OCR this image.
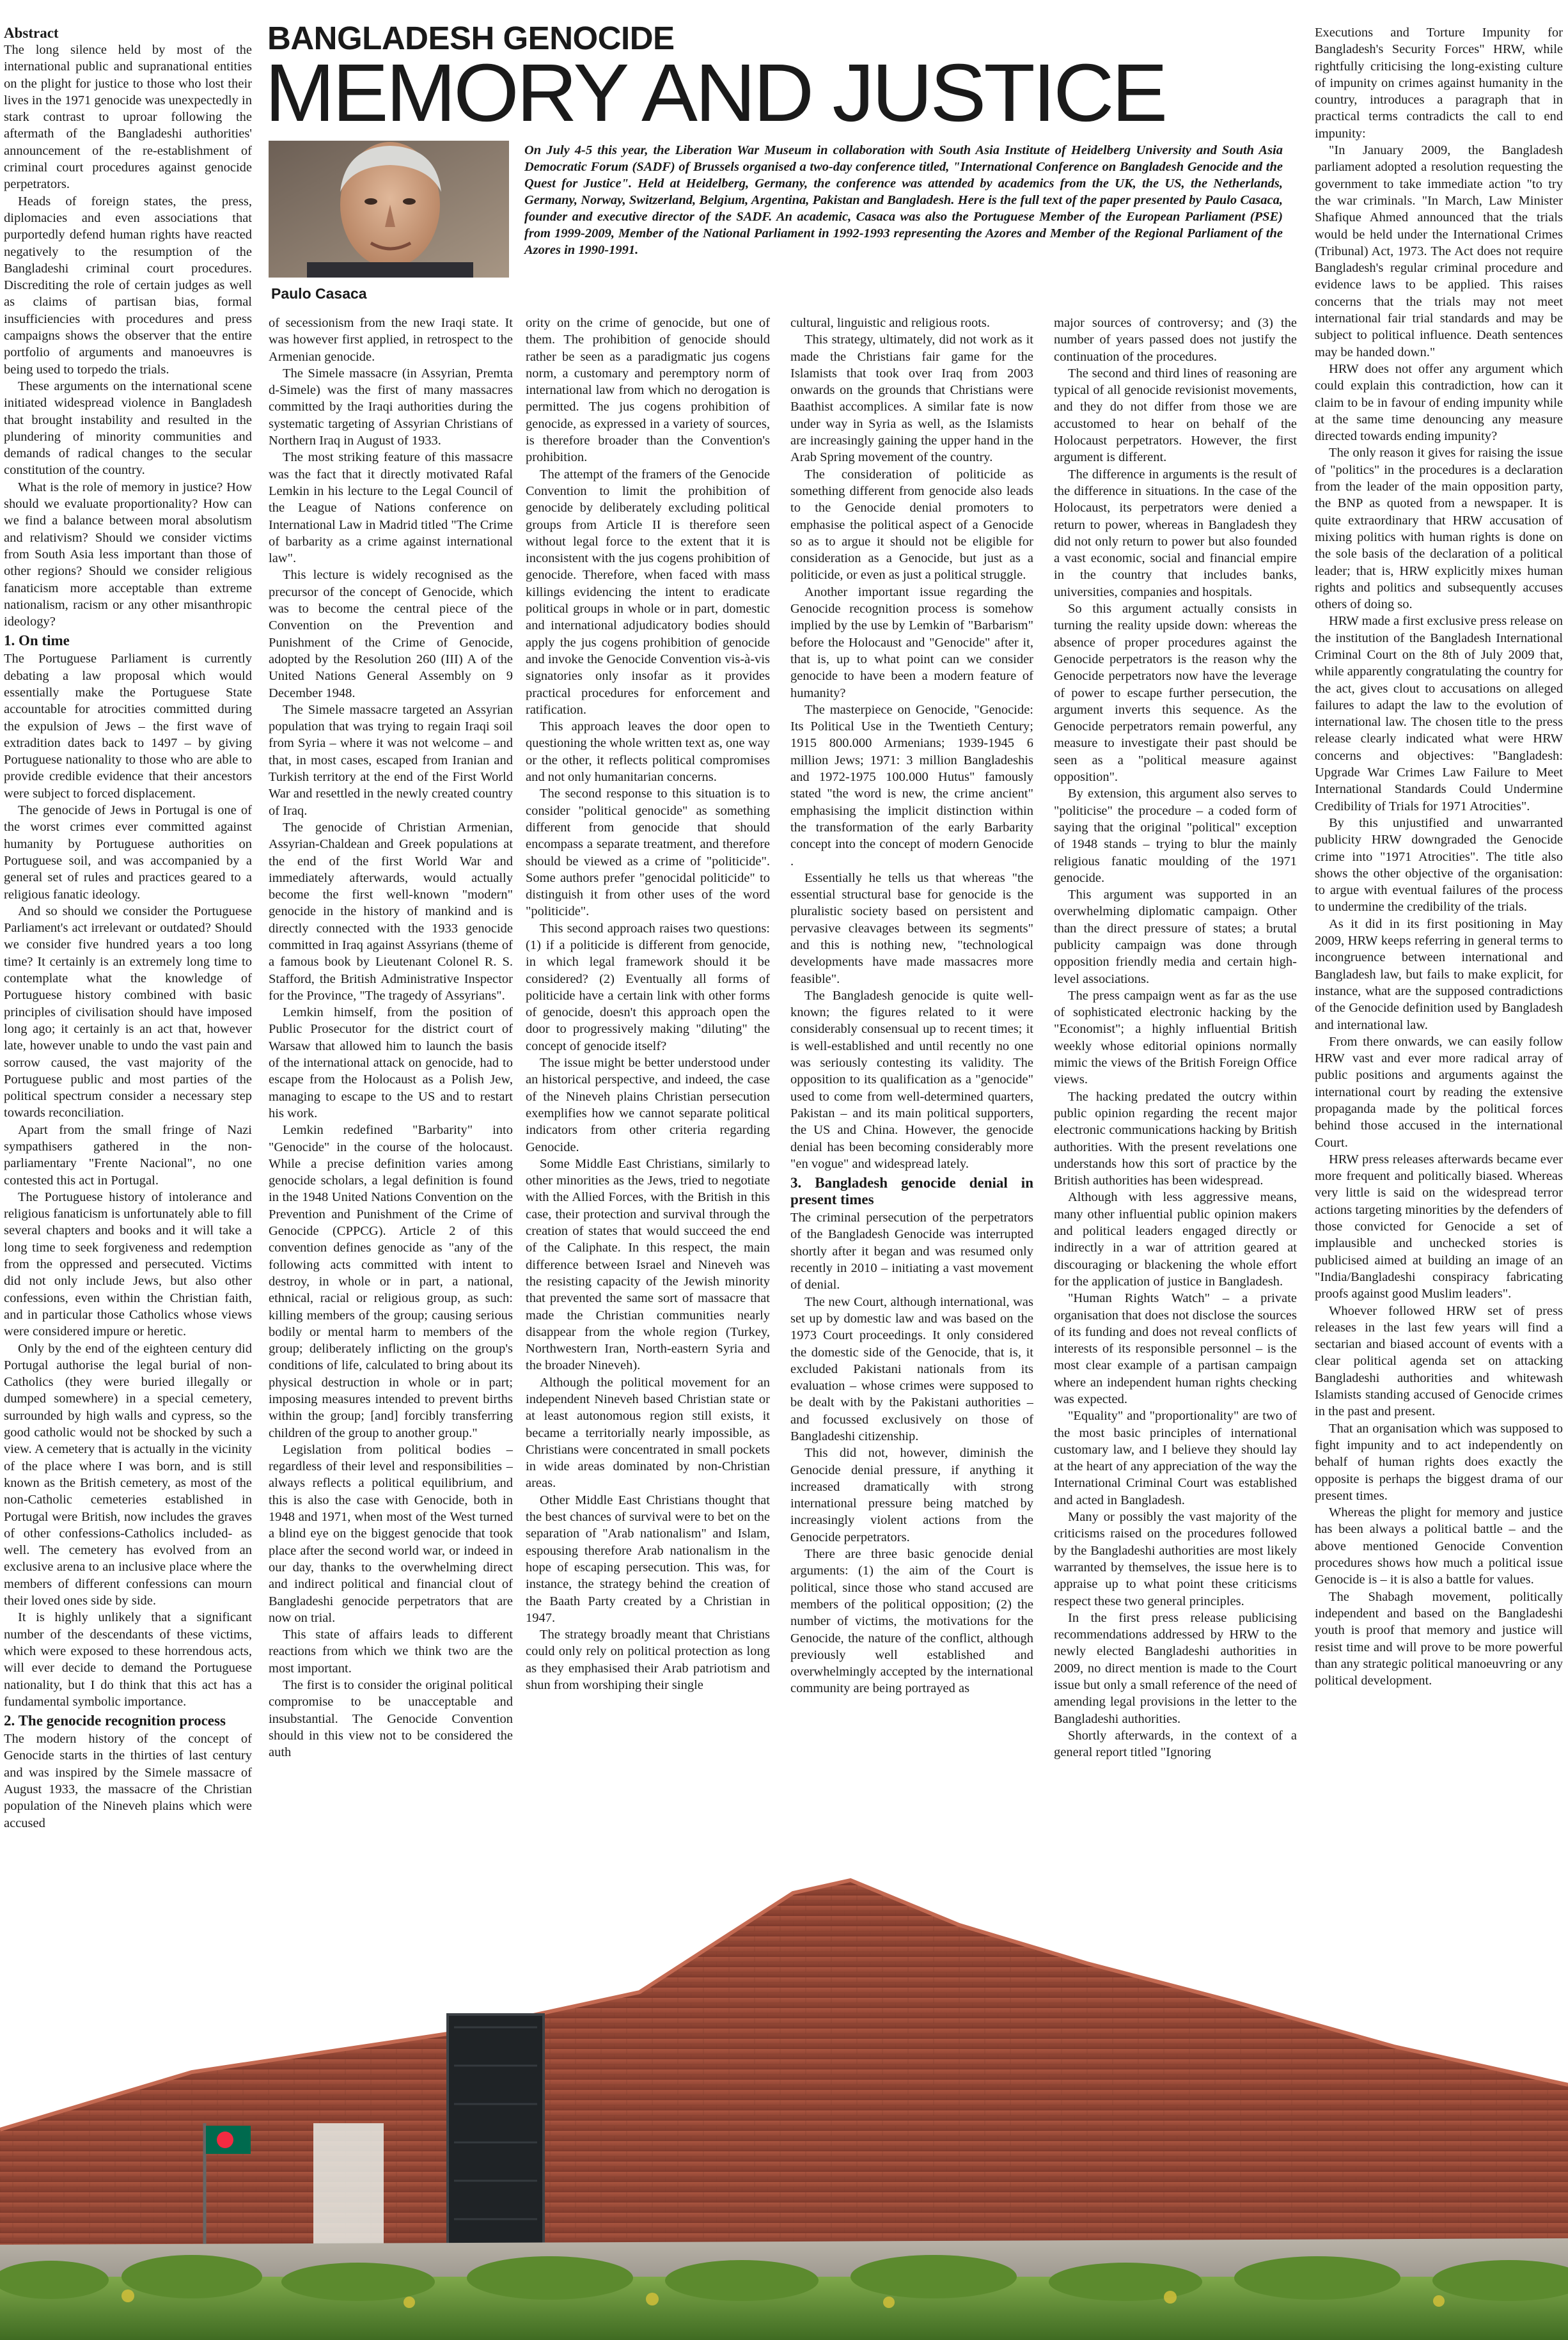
BANGLADESH GENOCIDE
MEMORY AND JUSTICE
Paulo Casaca

On July 4-5 this year, the Liberation War Museum in collaboration with South Asia Institute of Heidelberg University and South Asia Democratic Forum (SADF) of Brussels organised a two-day conference titled, "International Conference on Bangladesh Genocide and the Quest for Justice". Held at Heidelberg, Germany, the conference was attended by academics from the UK, the US, the Netherlands, Germany, Norway, Switzerland, Belgium, Argentina, Pakistan and Bangladesh. Here is the full text of the paper presented by Paulo Casaca, founder and executive director of the SADF. An academic, Casaca was also the Portuguese Member of the European Parliament (PSE) from 1999-2009, Member of the National Parliament in 1992-1993 representing the Azores and Member of the Regional Parliament of the Azores in 1990-1991.

Abstract

The long silence held by most of the international public and supranational entities on the plight for justice to those who lost their lives in the 1971 genocide was unexpectedly in stark contrast to uproar following the aftermath of the Bangladeshi authorities' announcement of the re-establishment of criminal court procedures against genocide perpetrators.

Heads of foreign states, the press, diplomacies and even associations that purportedly defend human rights have reacted negatively to the resumption of the Bangladeshi criminal court procedures. Discrediting the role of certain judges as well as claims of partisan bias, formal insufficiencies with procedures and press campaigns shows the observer that the entire portfolio of arguments and manoeuvres is being used to torpedo the trials.

These arguments on the international scene initiated widespread violence in Bangladesh that brought instability and resulted in the plundering of minority communities and demands of radical changes to the secular constitution of the country.

What is the role of memory in justice? How should we evaluate proportionality? How can we find a balance between moral absolutism and relativism? Should we consider victims from South Asia less important than those of other regions? Should we consider religious fanaticism more acceptable than extreme nationalism, racism or any other misanthropic ideology?

1. On time

The Portuguese Parliament is currently debating a law proposal which would essentially make the Portuguese State accountable for atrocities committed during the expulsion of Jews – the first wave of extradition dates back to 1497 – by giving Portuguese nationality to those who are able to provide credible evidence that their ancestors were subject to forced displacement.

The genocide of Jews in Portugal is one of the worst crimes ever committed against humanity by Portuguese authorities on Portuguese soil, and was accompanied by a general set of rules and practices geared to a religious fanatic ideology.

And so should we consider the Portuguese Parliament's act irrelevant or outdated? Should we consider five hundred years a too long time? It certainly is an extremely long time to contemplate what the knowledge of Portuguese history combined with basic principles of civilisation should have imposed long ago; it certainly is an act that, however late, however unable to undo the vast pain and sorrow caused, the vast majority of the Portuguese public and most parties of the political spectrum consider a necessary step towards reconciliation.

Apart from the small fringe of Nazi sympathisers gathered in the non-parliamentary "Frente Nacional", no one contested this act in Portugal.

The Portuguese history of intolerance and religious fanaticism is unfortunately able to fill several chapters and books and it will take a long time to seek forgiveness and redemption from the oppressed and persecuted. Victims did not only include Jews, but also other confessions, even within the Christian faith, and in particular those Catholics whose views were considered impure or heretic.

Only by the end of the eighteen century did Portugal authorise the legal burial of non-Catholics (they were buried illegally or dumped somewhere) in a special cemetery, surrounded by high walls and cypress, so the good catholic would not be shocked by such a view. A cemetery that is actually in the vicinity of the place where I was born, and is still known as the British cemetery, as most of the non-Catholic cemeteries established in Portugal were British, now includes the graves of other confessions-Catholics included- as well. The cemetery has evolved from an exclusive arena to an inclusive place where the members of different confessions can mourn their loved ones side by side.

It is highly unlikely that a significant number of the descendants of these victims, which were exposed to these horrendous acts, will ever decide to demand the Portuguese nationality, but I do think that this act has a fundamental symbolic importance.

2. The genocide recognition process

The modern history of the concept of Genocide starts in the thirties of last century and was inspired by the Simele massacre of August 1933, the massacre of the Christian population of the Nineveh plains which were accused

of secessionism from the new Iraqi state. It was however first applied, in retrospect to the Armenian genocide.

The Simele massacre (in Assyrian, Premta d-Simele) was the first of many massacres committed by the Iraqi authorities during the systematic targeting of Assyrian Christians of Northern Iraq in August of 1933.

The most striking feature of this massacre was the fact that it directly motivated Rafal Lemkin in his lecture to the Legal Council of the League of Nations conference on International Law in Madrid titled "The Crime of barbarity as a crime against international law".

This lecture is widely recognised as the precursor of the concept of Genocide, which was to become the central piece of the Convention on the Prevention and Punishment of the Crime of Genocide, adopted by the Resolution 260 (III) A of the United Nations General Assembly on 9 December 1948.

The Simele massacre targeted an Assyrian population that was trying to regain Iraqi soil from Syria – where it was not welcome – and that, in most cases, escaped from Iranian and Turkish territory at the end of the First World War and resettled in the newly created country of Iraq.

The genocide of Christian Armenian, Assyrian-Chaldean and Greek populations at the end of the first World War and immediately afterwards, would actually become the first well-known "modern" genocide in the history of mankind and is directly connected with the 1933 genocide committed in Iraq against Assyrians (theme of a famous book by Lieutenant Colonel R. S. Stafford, the British Administrative Inspector for the Province, "The tragedy of Assyrians".

Lemkin himself, from the position of Public Prosecutor for the district court of Warsaw that allowed him to launch the basis of the international attack on genocide, had to escape from the Holocaust as a Polish Jew, managing to escape to the US and to restart his work.

Lemkin redefined "Barbarity" into "Genocide" in the course of the holocaust. While a precise definition varies among genocide scholars, a legal definition is found in the 1948 United Nations Convention on the Prevention and Punishment of the Crime of Genocide (CPPCG). Article 2 of this convention defines genocide as "any of the following acts committed with intent to destroy, in whole or in part, a national, ethnical, racial or religious group, as such: killing members of the group; causing serious bodily or mental harm to members of the group; deliberately inflicting on the group's conditions of life, calculated to bring about its physical destruction in whole or in part; imposing measures intended to prevent births within the group; [and] forcibly transferring children of the group to another group."

Legislation from political bodies – regardless of their level and responsibilities – always reflects a political equilibrium, and this is also the case with Genocide, both in 1948 and 1971, when most of the West turned a blind eye on the biggest genocide that took place after the second world war, or indeed in our day, thanks to the overwhelming direct and indirect political and financial clout of Bangladeshi genocide perpetrators that are now on trial.

This state of affairs leads to different reactions from which we think two are the most important.

The first is to consider the original political compromise to be unacceptable and insubstantial. The Genocide Convention should in this view not to be considered the auth

ority on the crime of genocide, but one of them. The prohibition of genocide should rather be seen as a paradigmatic jus cogens norm, a customary and peremptory norm of international law from which no derogation is permitted. The jus cogens prohibition of genocide, as expressed in a variety of sources, is therefore broader than the Convention's prohibition.

The attempt of the framers of the Genocide Convention to limit the prohibition of genocide by deliberately excluding political groups from Article II is therefore seen without legal force to the extent that it is inconsistent with the jus cogens prohibition of genocide. Therefore, when faced with mass killings evidencing the intent to eradicate political groups in whole or in part, domestic and international adjudicatory bodies should apply the jus cogens prohibition of genocide and invoke the Genocide Convention vis-à-vis signatories only insofar as it provides practical procedures for enforcement and ratification.

This approach leaves the door open to questioning the whole written text as, one way or the other, it reflects political compromises and not only humanitarian concerns.

The second response to this situation is to consider "political genocide" as something different from genocide that should encompass a separate treatment, and therefore should be viewed as a crime of "politicide". Some authors prefer "genocidal politicide" to distinguish it from other uses of the word "politicide".

This second approach raises two questions: (1) if a politicide is different from genocide, in which legal framework should it be considered? (2) Eventually all forms of politicide have a certain link with other forms of genocide, doesn't this approach open the door to progressively making "diluting" the concept of genocide itself?

The issue might be better understood under an historical perspective, and indeed, the case of the Nineveh plains Christian persecution exemplifies how we cannot separate political indicators from other criteria regarding Genocide.

Some Middle East Christians, similarly to other minorities as the Jews, tried to negotiate with the Allied Forces, with the British in this case, their protection and survival through the creation of states that would succeed the end of the Caliphate. In this respect, the main difference between Israel and Nineveh was the resisting capacity of the Jewish minority that prevented the same sort of massacre that made the Christian communities nearly disappear from the whole region (Turkey, Northwestern Iran, North-eastern Syria and the broader Nineveh).

Although the political movement for an independent Nineveh based Christian state or at least autonomous region still exists, it became a territorially nearly impossible, as Christians were concentrated in small pockets in wide areas dominated by non-Christian areas.

Other Middle East Christians thought that the best chances of survival were to bet on the separation of "Arab nationalism" and Islam, espousing therefore Arab nationalism in the hope of escaping persecution. This was, for instance, the strategy behind the creation of the Baath Party created by a Christian in 1947.

The strategy broadly meant that Christians could only rely on political protection as long as they emphasised their Arab patriotism and shun from worshiping their single

cultural, linguistic and religious roots.

This strategy, ultimately, did not work as it made the Christians fair game for the Islamists that took over Iraq from 2003 onwards on the grounds that Christians were Baathist accomplices. A similar fate is now under way in Syria as well, as the Islamists are increasingly gaining the upper hand in the Arab Spring movement of the country.

The consideration of politicide as something different from genocide also leads to the Genocide denial promoters to emphasise the political aspect of a Genocide so as to argue it should not be eligible for consideration as a Genocide, but just as a politicide, or even as just a political struggle.

Another important issue regarding the Genocide recognition process is somehow implied by the use by Lemkin of "Barbarism" before the Holocaust and "Genocide" after it, that is, up to what point can we consider genocide to have been a modern feature of humanity?

The masterpiece on Genocide, "Genocide: Its Political Use in the Twentieth Century; 1915 800.000 Armenians; 1939-1945 6 million Jews; 1971: 3 million Bangladeshis and 1972-1975 100.000 Hutus" famously stated "the word is new, the crime ancient" emphasising the implicit distinction within the transformation of the early Barbarity concept into the concept of modern Genocide .

Essentially he tells us that whereas "the essential structural base for genocide is the pluralistic society based on persistent and pervasive cleavages between its segments" and this is nothing new, "technological developments have made massacres more feasible".

The Bangladesh genocide is quite well-known; the figures related to it were considerably consensual up to recent times; it is well-established and until recently no one was seriously contesting its validity. The opposition to its qualification as a "genocide" used to come from well-determined quarters, Pakistan – and its main political supporters, the US and China. However, the genocide denial has been becoming considerably more "en vogue" and widespread lately.

3. Bangladesh genocide denial in present times

The criminal persecution of the perpetrators of the Bangladesh Genocide was interrupted shortly after it began and was resumed only recently in 2010 – initiating a vast movement of denial.

The new Court, although international, was set up by domestic law and was based on the 1973 Court proceedings. It only considered the domestic side of the Genocide, that is, it excluded Pakistani nationals from its evaluation – whose crimes were supposed to be dealt with by the Pakistani authorities – and focussed exclusively on those of Bangladeshi citizenship.

This did not, however, diminish the Genocide denial pressure, if anything it increased dramatically with strong international pressure being matched by increasingly violent actions from the Genocide perpetrators.

There are three basic genocide denial arguments: (1) the aim of the Court is political, since those who stand accused are members of the political opposition; (2) the number of victims, the motivations for the Genocide, the nature of the conflict, although previously well established and overwhelmingly accepted by the international community are being portrayed as

major sources of controversy; and (3) the number of years passed does not justify the continuation of the procedures.

The second and third lines of reasoning are typical of all genocide revisionist movements, and they do not differ from those we are accustomed to hear on behalf of the Holocaust perpetrators. However, the first argument is different.

The difference in arguments is the result of the difference in situations. In the case of the Holocaust, its perpetrators were denied a return to power, whereas in Bangladesh they did not only return to power but also founded a vast economic, social and financial empire in the country that includes banks, universities, companies and hospitals.

So this argument actually consists in turning the reality upside down: whereas the absence of proper procedures against the Genocide perpetrators is the reason why the Genocide perpetrators now have the leverage of power to escape further persecution, the argument inverts this sequence. As the Genocide perpetrators remain powerful, any measure to investigate their past should be seen as a "political measure against opposition".

By extension, this argument also serves to "politicise" the procedure – a coded form of saying that the original "political" exception of 1948 stands – trying to blur the mainly religious fanatic moulding of the 1971 genocide.

This argument was supported in an overwhelming diplomatic campaign. Other than the direct pressure of states; a brutal publicity campaign was done through opposition friendly media and certain high-level associations.

The press campaign went as far as the use of sophisticated electronic hacking by the "Economist"; a highly influential British weekly whose editorial opinions normally mimic the views of the British Foreign Office views.

The hacking predated the outcry within public opinion regarding the recent major electronic communications hacking by British authorities. With the present revelations one understands how this sort of practice by the British authorities has been widespread.

Although with less aggressive means, many other influential public opinion makers and political leaders engaged directly or indirectly in a war of attrition geared at discouraging or blackening the whole effort for the application of justice in Bangladesh.

"Human Rights Watch" – a private organisation that does not disclose the sources of its funding and does not reveal conflicts of interests of its responsible personnel – is the most clear example of a partisan campaign where an independent human rights checking was expected.

"Equality" and "proportionality" are two of the most basic principles of international customary law, and I believe they should lay at the heart of any appreciation of the way the International Criminal Court was established and acted in Bangladesh.

Many or possibly the vast majority of the criticisms raised on the procedures followed by the Bangladeshi authorities are most likely warranted by themselves, the issue here is to appraise up to what point these criticisms respect these two general principles.

In the first press release publicising recommendations addressed by HRW to the newly elected Bangladeshi authorities in 2009, no direct mention is made to the Court issue but only a small reference of the need of amending legal provisions in the letter to the Bangladeshi authorities.

Shortly afterwards, in the context of a general report titled "Ignoring

Executions and Torture Impunity for Bangladesh's Security Forces" HRW, while rightfully criticising the long-existing culture of impunity on crimes against humanity in the country, introduces a paragraph that in practical terms contradicts the call to end impunity:

"In January 2009, the Bangladesh parliament adopted a resolution requesting the government to take immediate action "to try the war criminals. "In March, Law Minister Shafique Ahmed announced that the trials would be held under the International Crimes (Tribunal) Act, 1973. The Act does not require Bangladesh's regular criminal procedure and evidence laws to be applied. This raises concerns that the trials may not meet international fair trial standards and may be subject to political influence. Death sentences may be handed down."

HRW does not offer any argument which could explain this contradiction, how can it claim to be in favour of ending impunity while at the same time denouncing any measure directed towards ending impunity?

The only reason it gives for raising the issue of "politics" in the procedures is a declaration from the leader of the main opposition party, the BNP as quoted from a newspaper. It is quite extraordinary that HRW accusation of mixing politics with human rights is done on the sole basis of the declaration of a political leader; that is, HRW explicitly mixes human rights and politics and subsequently accuses others of doing so.

HRW made a first exclusive press release on the institution of the Bangladesh International Criminal Court on the 8th of July 2009 that, while apparently congratulating the country for the act, gives clout to accusations on alleged failures to adapt the law to the evolution of international law. The chosen title to the press release clearly indicated what were HRW concerns and objectives: "Bangladesh: Upgrade War Crimes Law Failure to Meet International Standards Could Undermine Credibility of Trials for 1971 Atrocities".

By this unjustified and unwarranted publicity HRW downgraded the Genocide crime into "1971 Atrocities". The title also shows the other objective of the organisation: to argue with eventual failures of the process to undermine the credibility of the trials.

As it did in its first positioning in May 2009, HRW keeps referring in general terms to incongruence between international and Bangladesh law, but fails to make explicit, for instance, what are the supposed contradictions of the Genocide definition used by Bangladesh and international law.

From there onwards, we can easily follow HRW vast and ever more radical array of public positions and arguments against the international court by reading the extensive propaganda made by the political forces behind those accused in the international Court.

HRW press releases afterwards became ever more frequent and politically biased. Whereas very little is said on the widespread terror actions targeting minorities by the defenders of those convicted for Genocide a set of implausible and unchecked stories is publicised aimed at building an image of an "India/Bangladeshi conspiracy fabricating proofs against good Muslim leaders".

Whoever followed HRW set of press releases in the last few years will find a sectarian and biased account of events with a clear political agenda set on attacking Bangladeshi authorities and whitewash Islamists standing accused of Genocide crimes in the past and present.

That an organisation which was supposed to fight impunity and to act independently on behalf of human rights does exactly the opposite is perhaps the biggest drama of our present times.

Whereas the plight for memory and justice has been always a political battle – and the above mentioned Genocide Convention procedures shows how much a political issue Genocide is – it is also a battle for values.

The Shabagh movement, politically independent and based on the Bangladeshi youth is proof that memory and justice will resist time and will prove to be more powerful than any strategic political manoeuvring or any political development.
